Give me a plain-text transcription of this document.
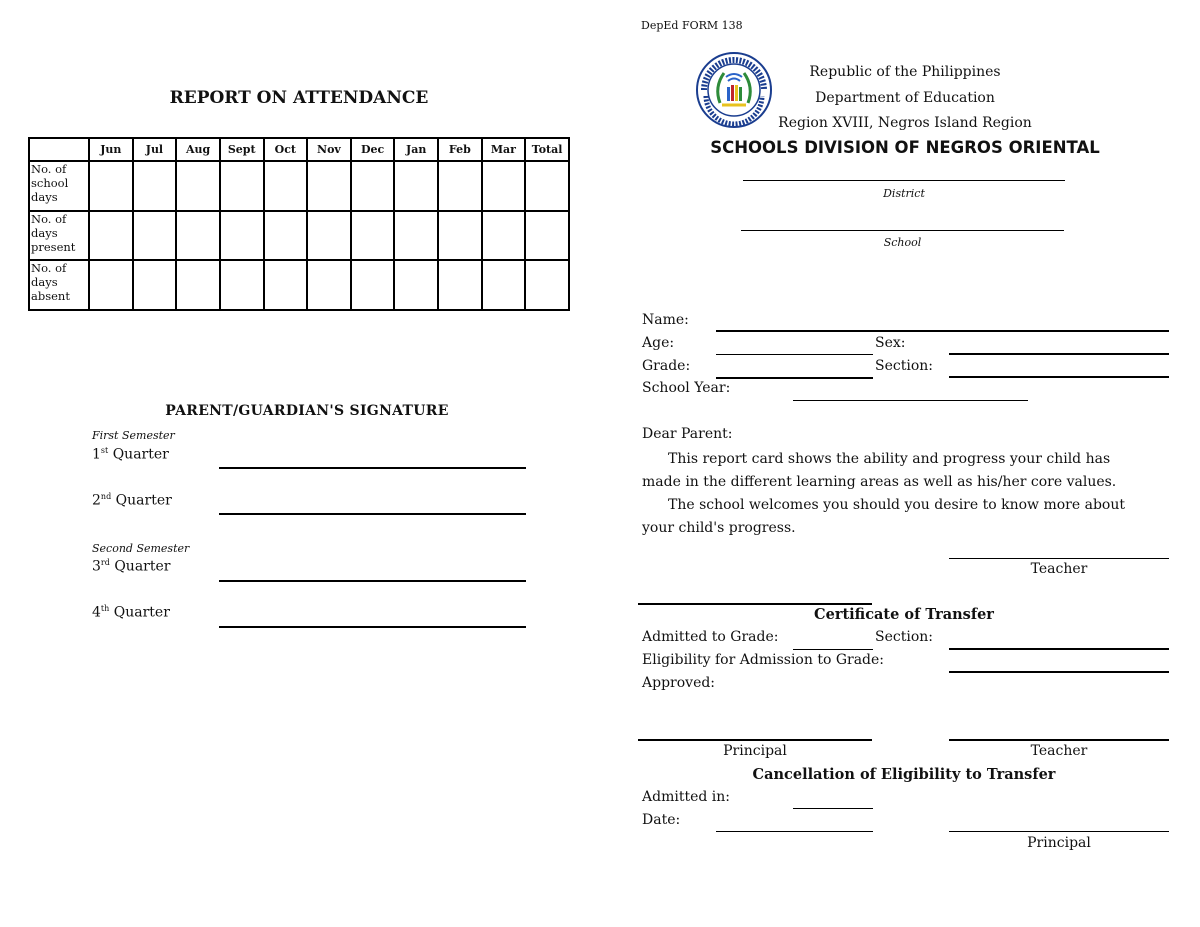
REPORT ON ATTENDANCE
	Jun	Jul	Aug	Sept	Oct	Nov	Dec	Jan	Feb	Mar	Total
No. of school days											
No. of days present											
No. of days absent											
PARENT/GUARDIAN'S SIGNATURE
First Semester
1st Quarter
2nd Quarter
Second Semester
3rd Quarter
4th Quarter
DepEd FORM 138
Republic of the Philippines
Department of Education
Region XVIII, Negros Island Region
SCHOOLS DIVISION OF NEGROS ORIENTAL
District
School
Name:
Age:	Sex:
Grade:	Section:
School Year:
Dear Parent:
This report card shows the ability and progress your child has made in the different learning areas as well as his/her core values.
The school welcomes you should you desire to know more about your child's progress.
Teacher
Certificate of Transfer
Admitted to Grade:	Section:
Eligibility for Admission to Grade:
Approved:
Principal	Teacher
Cancellation of Eligibility to Transfer
Admitted in:
Date:
Principal
